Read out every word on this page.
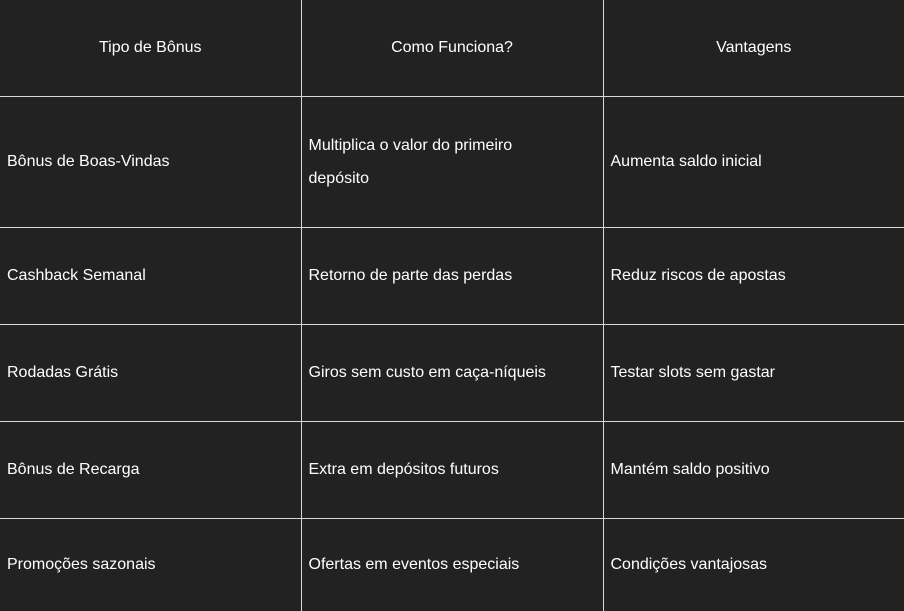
Tipo de Bônus	Como Funciona?	Vantagens
Bônus de Boas-Vindas	Multiplica o valor do primeiro depósito	Aumenta saldo inicial
Cashback Semanal	Retorno de parte das perdas	Reduz riscos de apostas
Rodadas Grátis	Giros sem custo em caça-níqueis	Testar slots sem gastar
Bônus de Recarga	Extra em depósitos futuros	Mantém saldo positivo
Promoções sazonais	Ofertas em eventos especiais	Condições vantajosas
